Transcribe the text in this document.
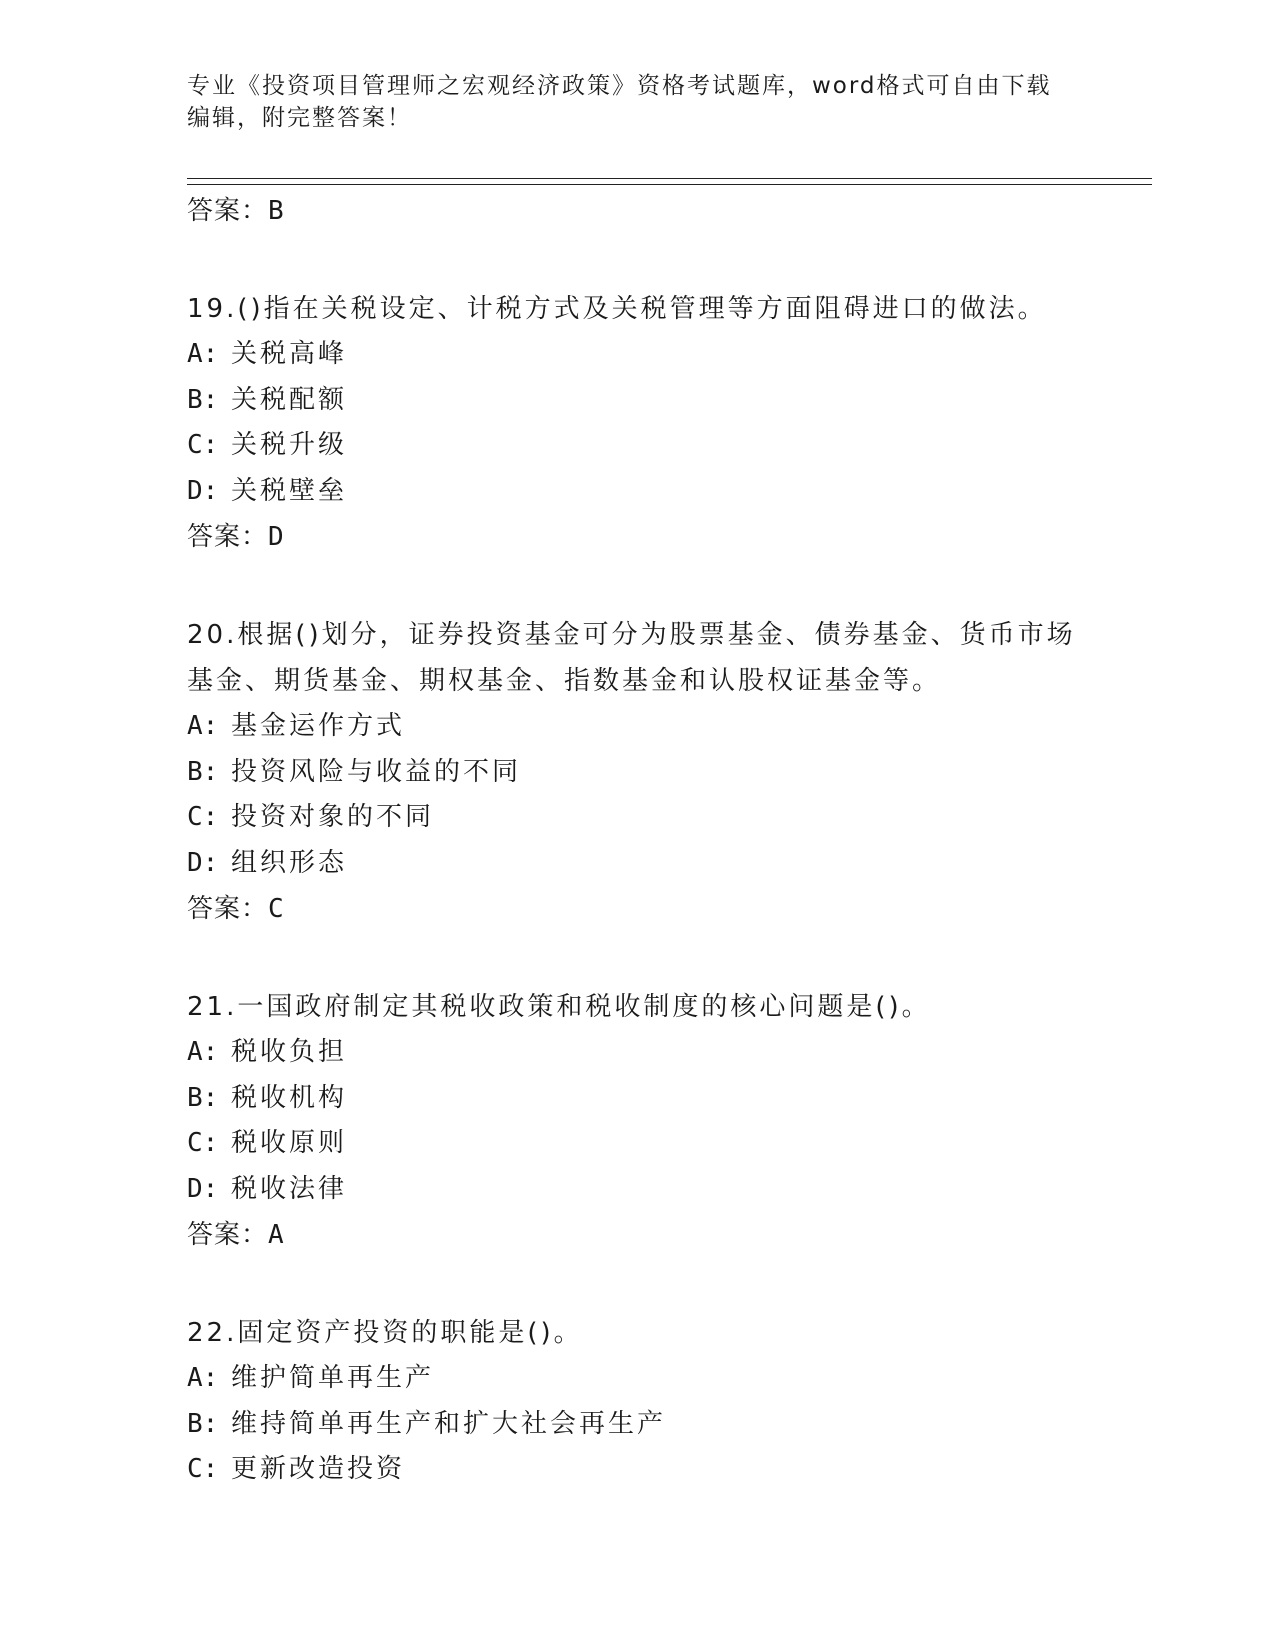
专业《投资项目管理师之宏观经济政策》资格考试题库，word格式可自由下载编辑，附完整答案！
答案：B
19.()指在关税设定、计税方式及关税管理等方面阻碍进口的做法。
A: 关税高峰
B: 关税配额
C: 关税升级
D: 关税壁垒
答案：D
20.根据()划分，证券投资基金可分为股票基金、债券基金、货币市场基金、期货基金、期权基金、指数基金和认股权证基金等。
A: 基金运作方式
B: 投资风险与收益的不同
C: 投资对象的不同
D: 组织形态
答案：C
21.一国政府制定其税收政策和税收制度的核心问题是()。
A: 税收负担
B: 税收机构
C: 税收原则
D: 税收法律
答案：A
22.固定资产投资的职能是()。
A: 维护简单再生产
B: 维持简单再生产和扩大社会再生产
C: 更新改造投资
